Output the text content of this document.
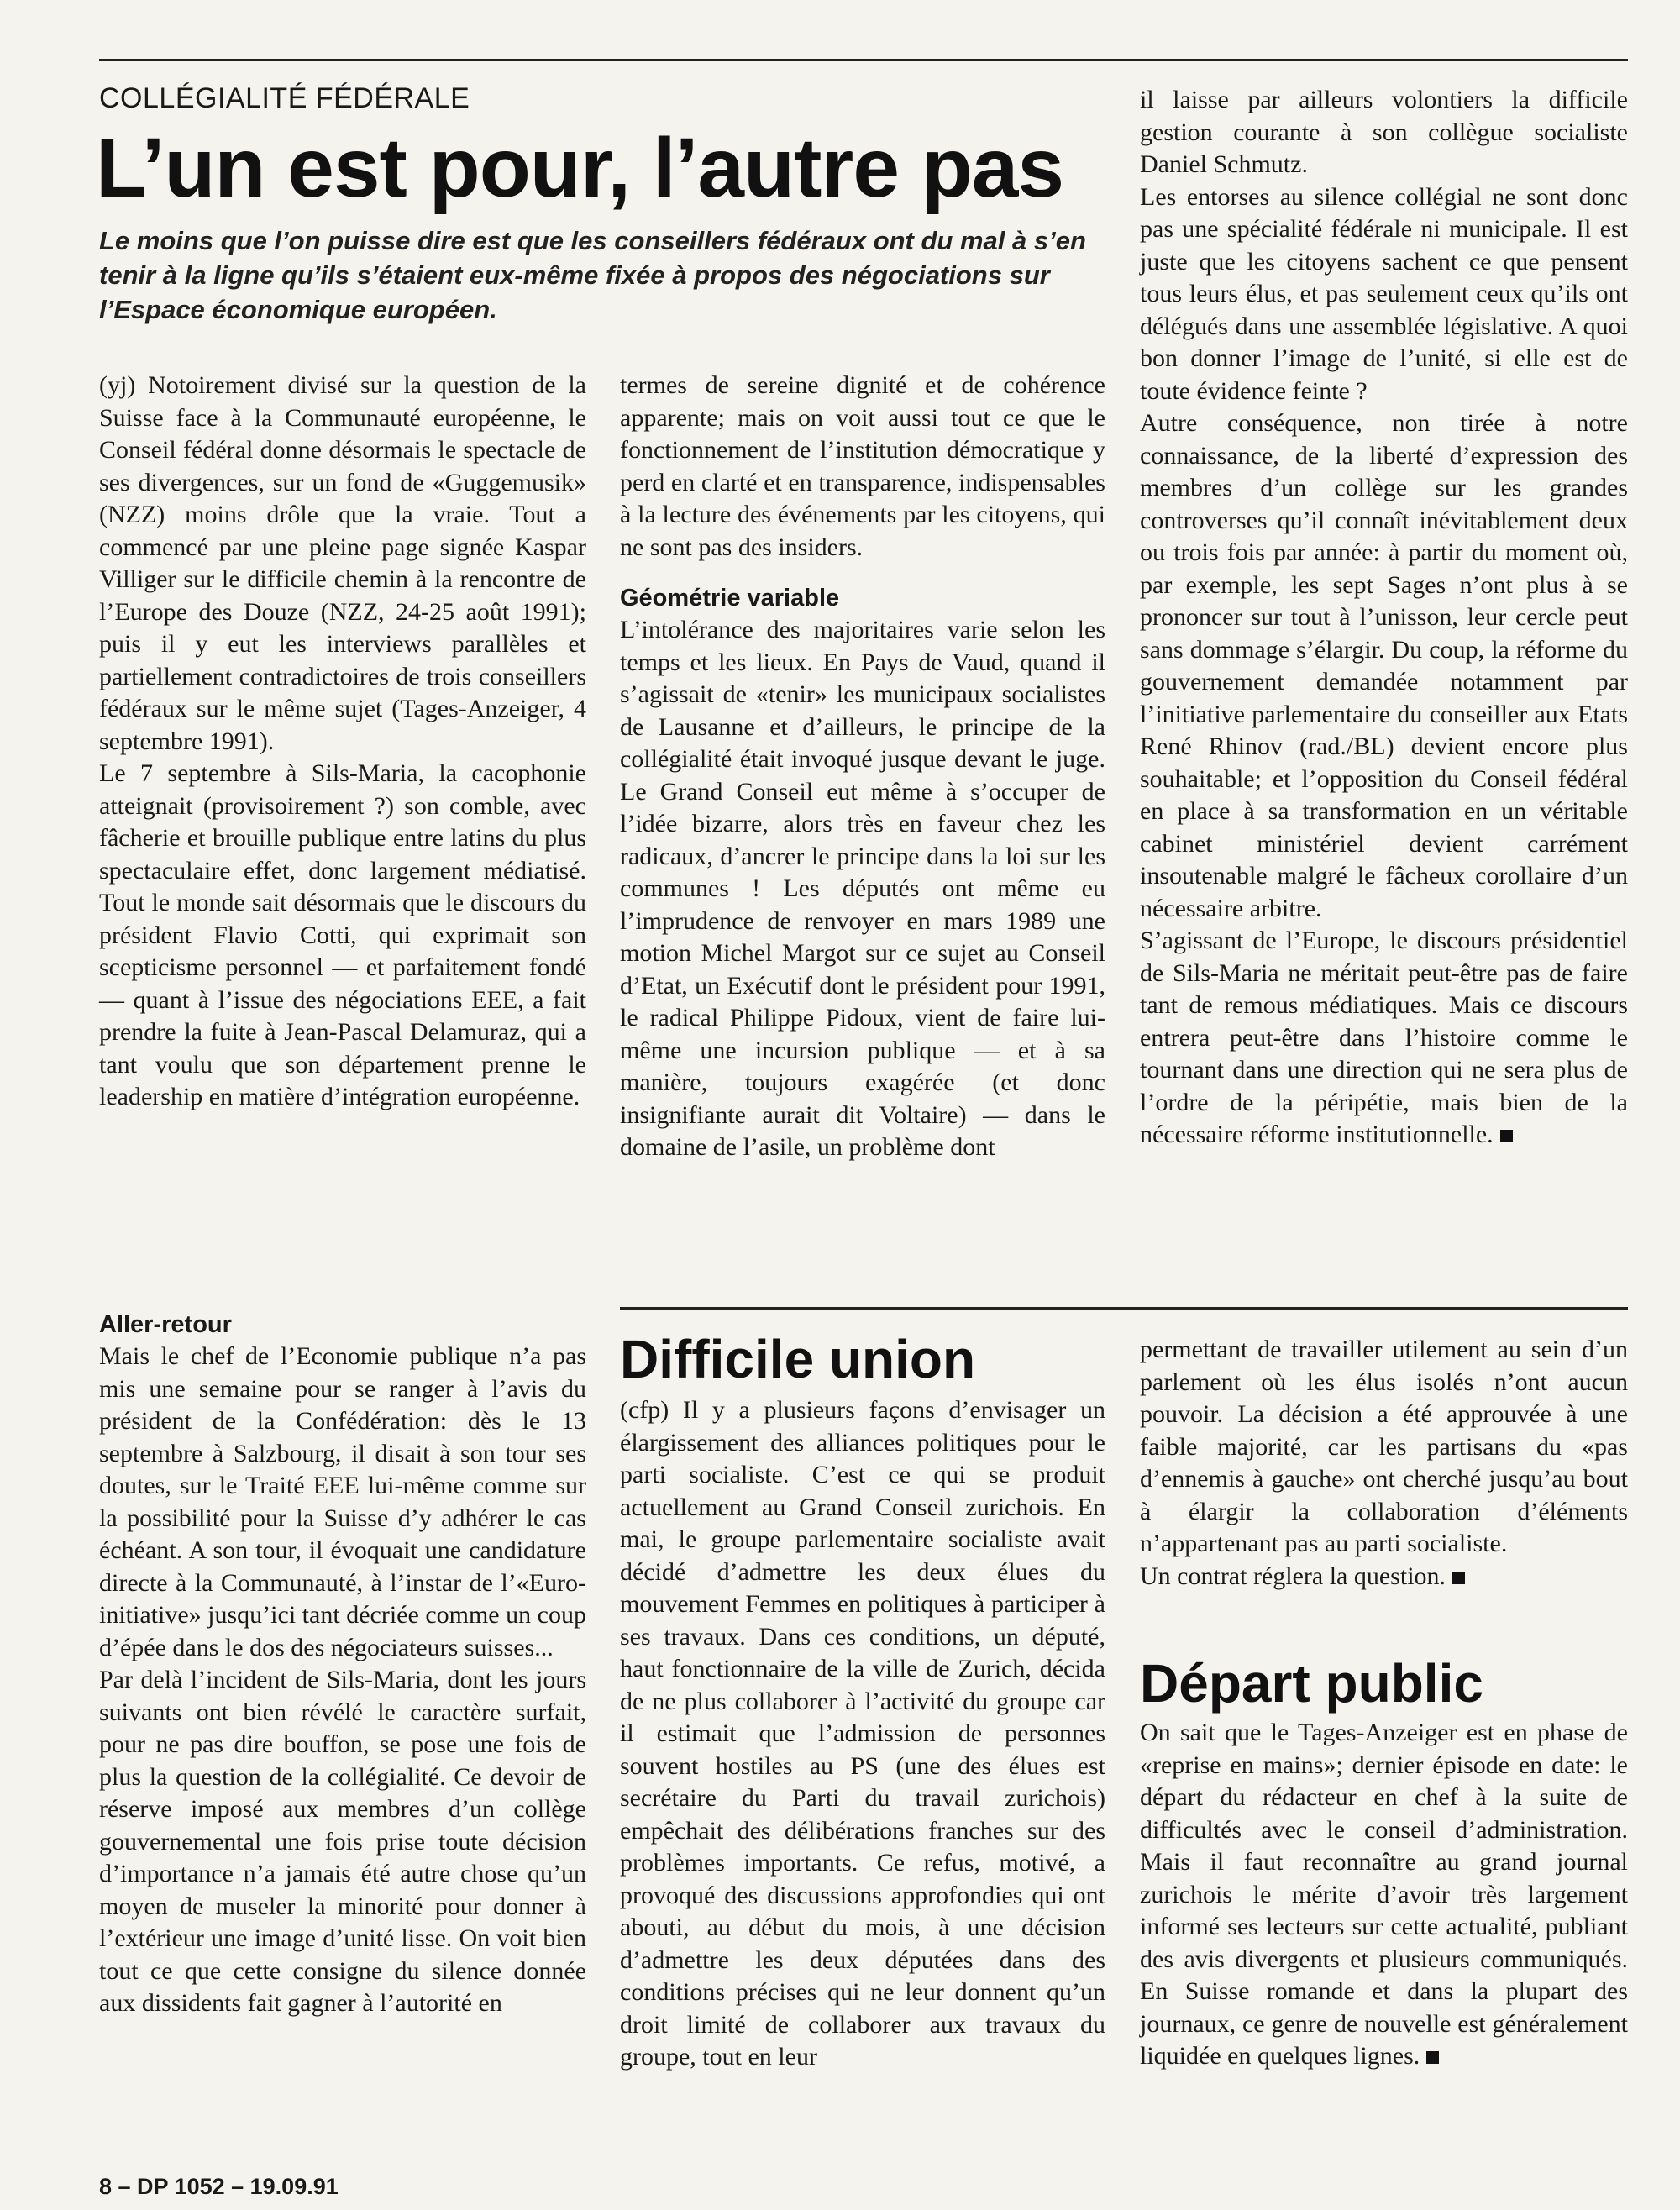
COLLÉGIALITÉ FÉDÉRALE
L’un est pour, l’autre pas

Le moins que l’on puisse dire est que les conseillers fédéraux ont du mal à s’en tenir à la ligne qu’ils s’étaient eux-même fixée à propos des négociations sur l’Espace économique européen.

(yj) Notoirement divisé sur la question de la Suisse face à la Communauté européenne, le Conseil fédéral donne désormais le spectacle de ses divergences, sur un fond de «Guggemusik» (NZZ) moins drôle que la vraie. Tout a commencé par une pleine page signée Kaspar Villiger sur le difficile chemin à la rencontre de l’Europe des Douze (NZZ, 24-25 août 1991); puis il y eut les interviews parallèles et partiellement contradictoires de trois conseillers fédéraux sur le même sujet (Tages-Anzeiger, 4 septembre 1991).

Le 7 septembre à Sils-Maria, la cacophonie atteignait (provisoirement ?) son comble, avec fâcherie et brouille publique entre latins du plus spectaculaire effet, donc largement médiatisé. Tout le monde sait désormais que le discours du président Flavio Cotti, qui exprimait son scepticisme personnel — et parfaitement fondé — quant à l’issue des négociations EEE, a fait prendre la fuite à Jean-Pascal Delamuraz, qui a tant voulu que son département prenne le leadership en matière d’intégration européenne.

Aller-retour

Mais le chef de l’Economie publique n’a pas mis une semaine pour se ranger à l’avis du président de la Confédération: dès le 13 septembre à Salzbourg, il disait à son tour ses doutes, sur le Traité EEE lui-même comme sur la possibilité pour la Suisse d’y adhérer le cas échéant. A son tour, il évoquait une candidature directe à la Communauté, à l’instar de l’«Euro-initiative» jusqu’ici tant décriée comme un coup d’épée dans le dos des négociateurs suisses...

Par delà l’incident de Sils-Maria, dont les jours suivants ont bien révélé le caractère surfait, pour ne pas dire bouffon, se pose une fois de plus la question de la collégialité. Ce devoir de réserve imposé aux membres d’un collège gouvernemental une fois prise toute décision d’importance n’a jamais été autre chose qu’un moyen de museler la minorité pour donner à l’extérieur une image d’unité lisse. On voit bien tout ce que cette consigne du silence donnée aux dissidents fait gagner à l’autorité en

termes de sereine dignité et de cohérence apparente; mais on voit aussi tout ce que le fonctionnement de l’institution démocratique y perd en clarté et en transparence, indispensables à la lecture des événements par les citoyens, qui ne sont pas des insiders.

Géométrie variable

L’intolérance des majoritaires varie selon les temps et les lieux. En Pays de Vaud, quand il s’agissait de «tenir» les municipaux socialistes de Lausanne et d’ailleurs, le principe de la collégialité était invoqué jusque devant le juge. Le Grand Conseil eut même à s’occuper de l’idée bizarre, alors très en faveur chez les radicaux, d’ancrer le principe dans la loi sur les communes ! Les députés ont même eu l’imprudence de renvoyer en mars 1989 une motion Michel Margot sur ce sujet au Conseil d’Etat, un Exécutif dont le président pour 1991, le radical Philippe Pidoux, vient de faire lui-même une incursion publique — et à sa manière, toujours exagérée (et donc insignifiante aurait dit Voltaire) — dans le domaine de l’asile, un problème dont

il laisse par ailleurs volontiers la difficile gestion courante à son collègue socialiste Daniel Schmutz.

Les entorses au silence collégial ne sont donc pas une spécialité fédérale ni municipale. Il est juste que les citoyens sachent ce que pensent tous leurs élus, et pas seulement ceux qu’ils ont délégués dans une assemblée législative. A quoi bon donner l’image de l’unité, si elle est de toute évidence feinte ?

Autre conséquence, non tirée à notre connaissance, de la liberté d’expression des membres d’un collège sur les grandes controverses qu’il connaît inévitablement deux ou trois fois par année: à partir du moment où, par exemple, les sept Sages n’ont plus à se prononcer sur tout à l’unisson, leur cercle peut sans dommage s’élargir. Du coup, la réforme du gouvernement demandée notamment par l’initiative parlementaire du conseiller aux Etats René Rhinov (rad./BL) devient encore plus souhaitable; et l’opposition du Conseil fédéral en place à sa transformation en un véritable cabinet ministériel devient carrément insoutenable malgré le fâcheux corollaire d’un nécessaire arbitre.

S’agissant de l’Europe, le discours présidentiel de Sils-Maria ne méritait peut-être pas de faire tant de remous médiatiques. Mais ce discours entrera peut-être dans l’histoire comme le tournant dans une direction qui ne sera plus de l’ordre de la péripétie, mais bien de la nécessaire réforme institutionnelle.

Difficile union

(cfp) Il y a plusieurs façons d’envisager un élargissement des alliances politiques pour le parti socialiste. C’est ce qui se produit actuellement au Grand Conseil zurichois. En mai, le groupe parlementaire socialiste avait décidé d’admettre les deux élues du mouvement Femmes en politiques à participer à ses travaux. Dans ces conditions, un député, haut fonctionnaire de la ville de Zurich, décida de ne plus collaborer à l’activité du groupe car il estimait que l’admission de personnes souvent hostiles au PS (une des élues est secrétaire du Parti du travail zurichois) empêchait des délibérations franches sur des problèmes importants. Ce refus, motivé, a provoqué des discussions approfondies qui ont abouti, au début du mois, à une décision d’admettre les deux députées dans des conditions précises qui ne leur donnent qu’un droit limité de collaborer aux travaux du groupe, tout en leur

permettant de travailler utilement au sein d’un parlement où les élus isolés n’ont aucun pouvoir. La décision a été approuvée à une faible majorité, car les partisans du «pas d’ennemis à gauche» ont cherché jusqu’au bout à élargir la collaboration d’éléments n’appartenant pas au parti socialiste.

Un contrat réglera la question.

Départ public

On sait que le Tages-Anzeiger est en phase de «reprise en mains»; dernier épisode en date: le départ du rédacteur en chef à la suite de difficultés avec le conseil d’administration. Mais il faut reconnaître au grand journal zurichois le mérite d’avoir très largement informé ses lecteurs sur cette actualité, publiant des avis divergents et plusieurs communiqués. En Suisse romande et dans la plupart des journaux, ce genre de nouvelle est généralement liquidée en quelques lignes.

8 – DP 1052 – 19.09.91
